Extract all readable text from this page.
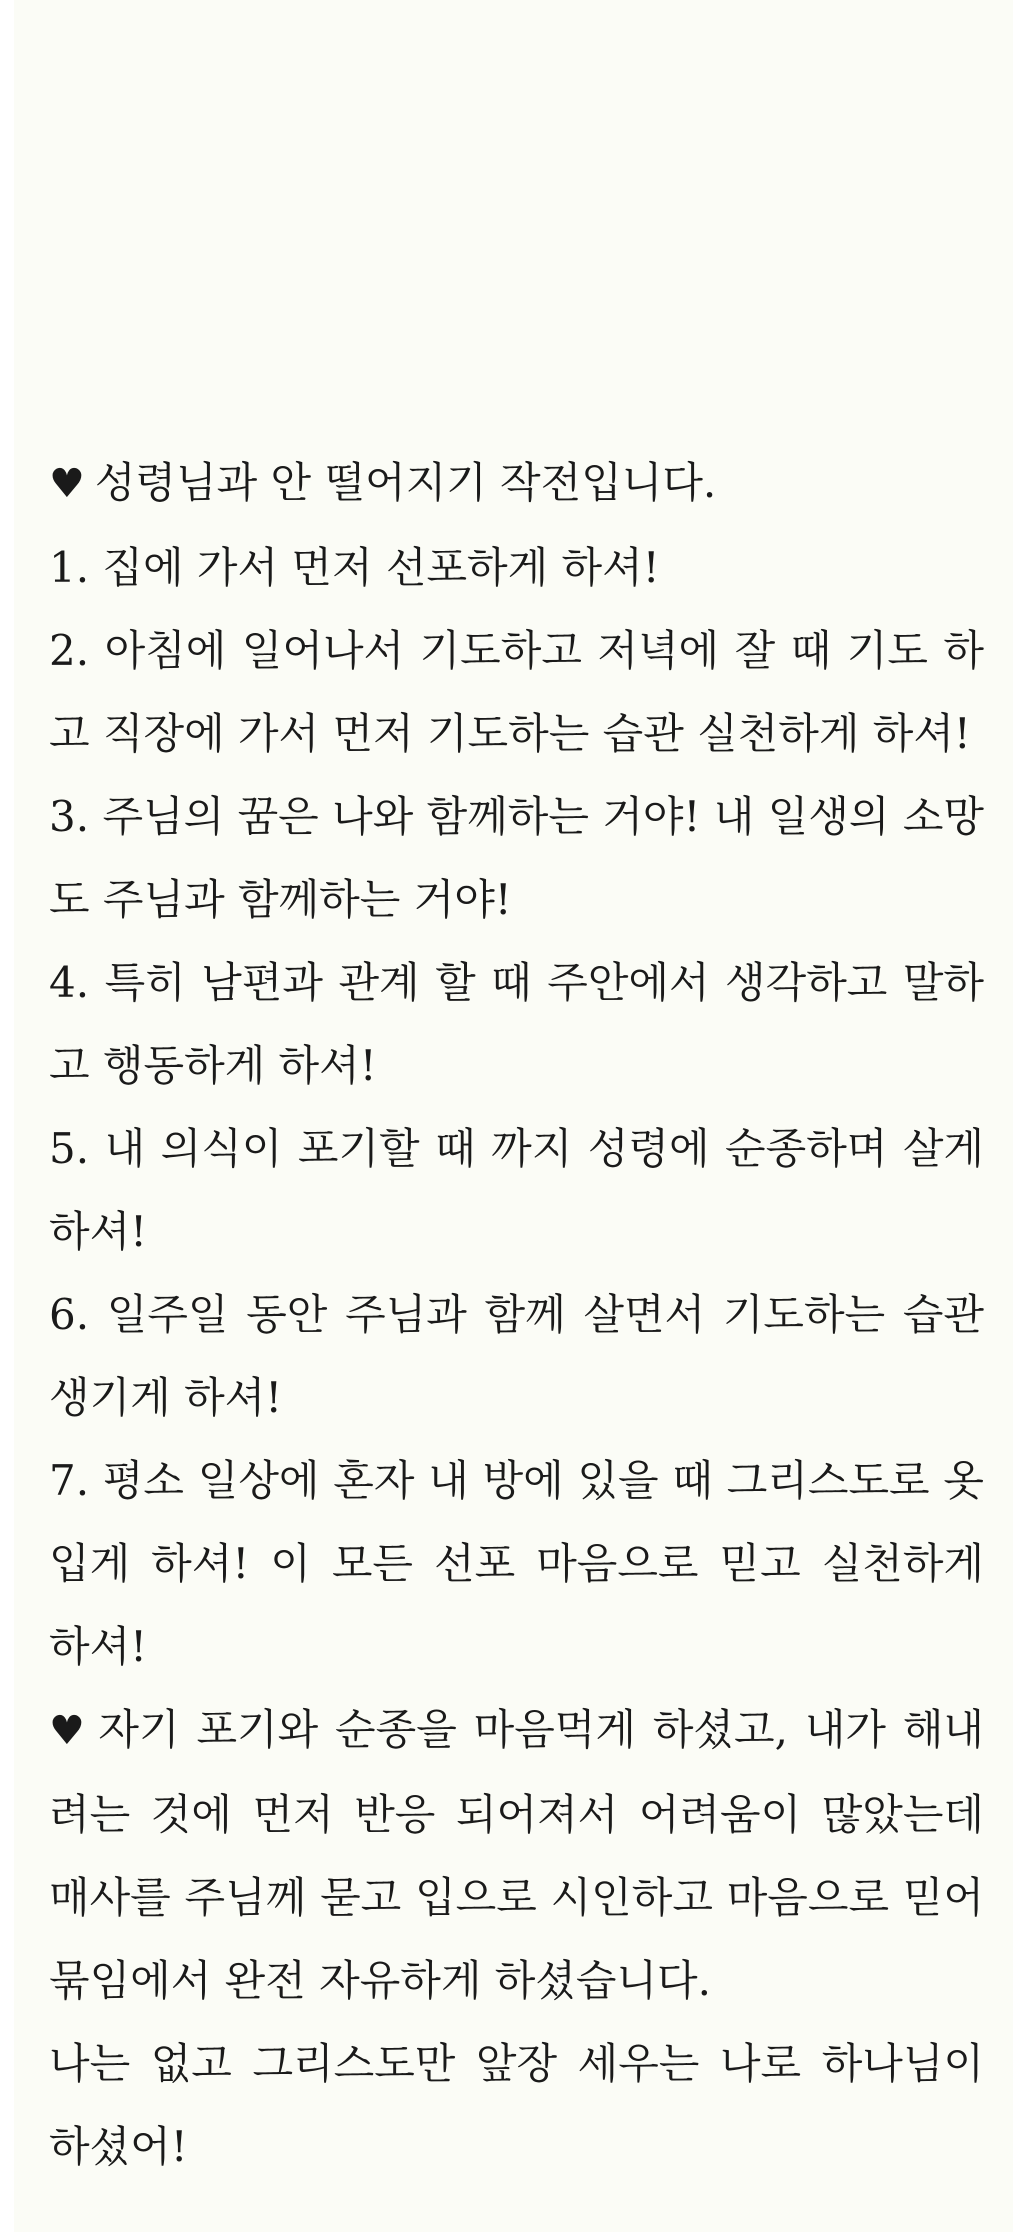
♥ 성령님과 안 떨어지기 작전입니다.

1. 집에 가서 먼저 선포하게 하셔!

2. 아침에 일어나서 기도하고 저녁에 잘 때 기도 하고 직장에 가서 먼저 기도하는 습관 실천하게 하셔!

3. 주님의 꿈은 나와 함께하는 거야! 내 일생의 소망도 주님과 함께하는 거야!

4. 특히 남편과 관계 할 때 주안에서 생각하고 말하고 행동하게 하셔!

5. 내 의식이 포기할 때 까지 성령에 순종하며 살게 하셔!

6. 일주일 동안 주님과 함께 살면서 기도하는 습관 생기게 하셔!

7. 평소 일상에 혼자 내 방에 있을 때 그리스도로 옷 입게 하셔! 이 모든 선포 마음으로 믿고 실천하게 하셔!

♥ 자기 포기와 순종을 마음먹게 하셨고, 내가 해내려는 것에 먼저 반응 되어져서 어려움이 많았는데 매사를 주님께 묻고 입으로 시인하고 마음으로 믿어 묶임에서 완전 자유하게 하셨습니다.

나는 없고 그리스도만 앞장 세우는 나로 하나님이 하셨어!
